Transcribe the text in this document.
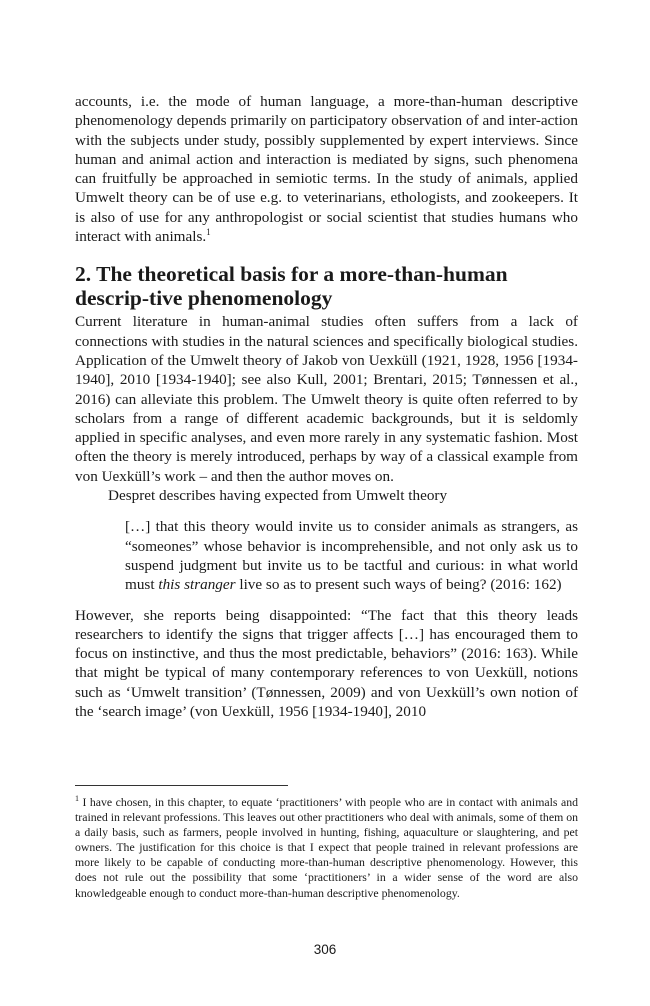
accounts, i.e. the mode of human language, a more-than-human descriptive phenomenology depends primarily on participatory observation of and inter-action with the subjects under study, possibly supplemented by expert interviews. Since human and animal action and interaction is mediated by signs, such phenomena can fruitfully be approached in semiotic terms. In the study of animals, applied Umwelt theory can be of use e.g. to veterinarians, ethologists, and zookeepers. It is also of use for any anthropologist or social scientist that studies humans who interact with animals.$^1$

2. The theoretical basis for a more-than-human descrip-tive phenomenology

Current literature in human-animal studies often suffers from a lack of connections with studies in the natural sciences and specifically biological studies. Application of the Umwelt theory of Jakob von Uexküll (1921, 1928, 1956 [1934-1940], 2010 [1934-1940]; see also Kull, 2001; Brentari, 2015; Tønnessen et al., 2016) can alleviate this problem. The Umwelt theory is quite often referred to by scholars from a range of different academic backgrounds, but it is seldomly applied in specific analyses, and even more rarely in any systematic fashion. Most often the theory is merely introduced, perhaps by way of a classical example from von Uexküll’s work – and then the author moves on.

Despret describes having expected from Umwelt theory

[…] that this theory would invite us to consider animals as strangers, as “someones” whose behavior is incomprehensible, and not only ask us to suspend judgment but invite us to be tactful and curious: in what world must this stranger live so as to present such ways of being? (2016: 162)

However, she reports being disappointed: “The fact that this theory leads researchers to identify the signs that trigger affects […] has encouraged them to focus on instinctive, and thus the most predictable, behaviors” (2016: 163). While that might be typical of many contemporary references to von Uexküll, notions such as ‘Umwelt transition’ (Tønnessen, 2009) and von Uexküll’s own notion of the ‘search image’ (von Uexküll, 1956 [1934-1940], 2010

$^1$ I have chosen, in this chapter, to equate ‘practitioners’ with people who are in contact with animals and trained in relevant professions. This leaves out other practitioners who deal with animals, some of them on a daily basis, such as farmers, people involved in hunting, fishing, aquaculture or slaughtering, and pet owners. The justification for this choice is that I expect that people trained in relevant professions are more likely to be capable of conducting more-than-human descriptive phenomenology. However, this does not rule out the possibility that some ‘practitioners’ in a wider sense of the word are also knowledgeable enough to conduct more-than-human descriptive phenomenology.
306
